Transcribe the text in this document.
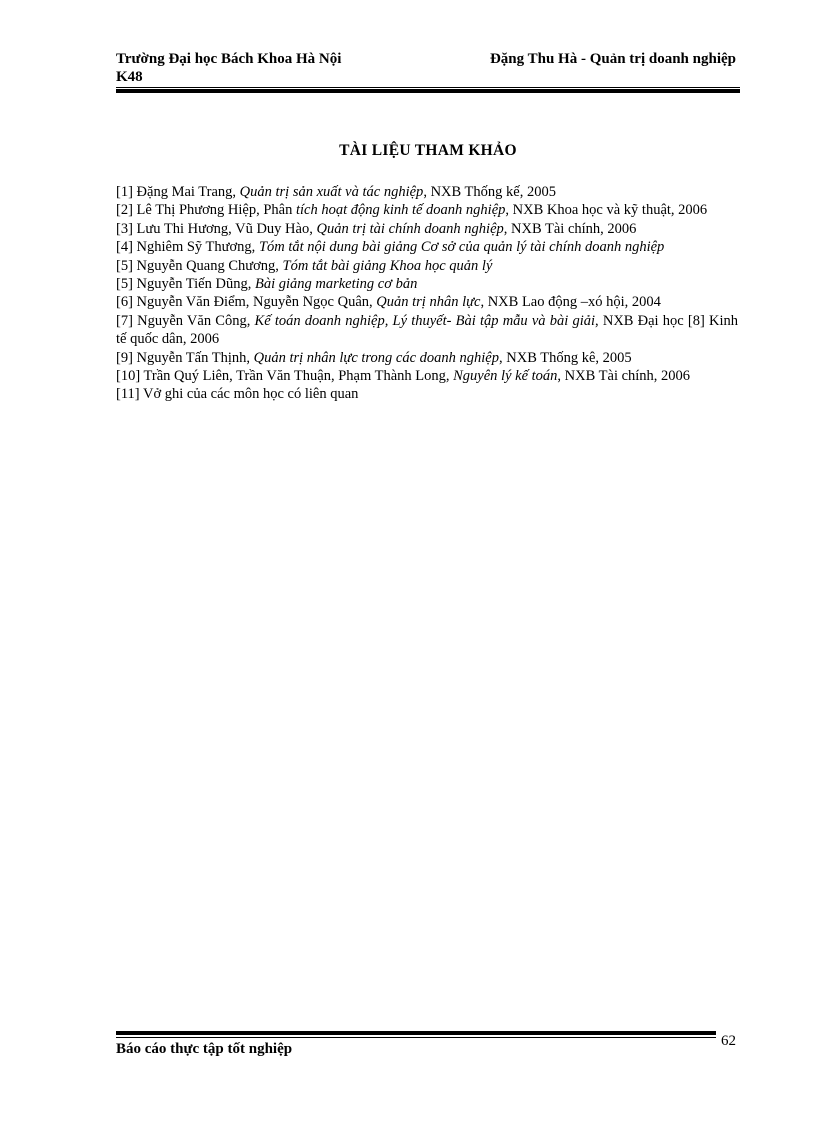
Trường Đại học Bách Khoa Hà Nội
K48
Đặng Thu Hà - Quản trị doanh nghiệp
TÀI LIỆU THAM KHẢO

[1] Đặng Mai Trang, Quản trị sản xuất và tác nghiệp, NXB Thống kế, 2005

[2] Lê Thị Phương Hiệp, Phân tích hoạt động kinh tế doanh nghiệp, NXB Khoa học và kỹ thuật, 2006

[3] Lưu Thi Hương, Vũ Duy Hào, Quản trị tài chính doanh nghiệp, NXB Tài chính, 2006

[4] Nghiêm Sỹ Thương, Tóm tắt nội dung bài giảng Cơ sở của quản lý tài chính doanh nghiệp

[5] Nguyễn Quang Chương, Tóm tắt bài giảng Khoa học quản lý

[5] Nguyễn Tiến Dũng, Bài giảng marketing cơ bản

[6] Nguyễn Văn Điểm, Nguyễn Ngọc Quân, Quản trị nhân lực, NXB Lao động –xó hội, 2004

[7] Nguyễn Văn Công, Kế toán doanh nghiệp, Lý thuyết- Bài tập mẫu và bài giải, NXB Đại học [8] Kinh tế quốc dân, 2006

[9] Nguyễn Tấn Thịnh, Quản trị nhân lực trong các doanh nghiệp, NXB Thống kê, 2005

[10] Trần Quý Liên, Trần Văn Thuận, Phạm Thành Long, Nguyên lý kế toán, NXB Tài chính, 2006

[11] Vở ghi của các môn học có liên quan

Báo cáo thực tập tốt nghiệp	62
